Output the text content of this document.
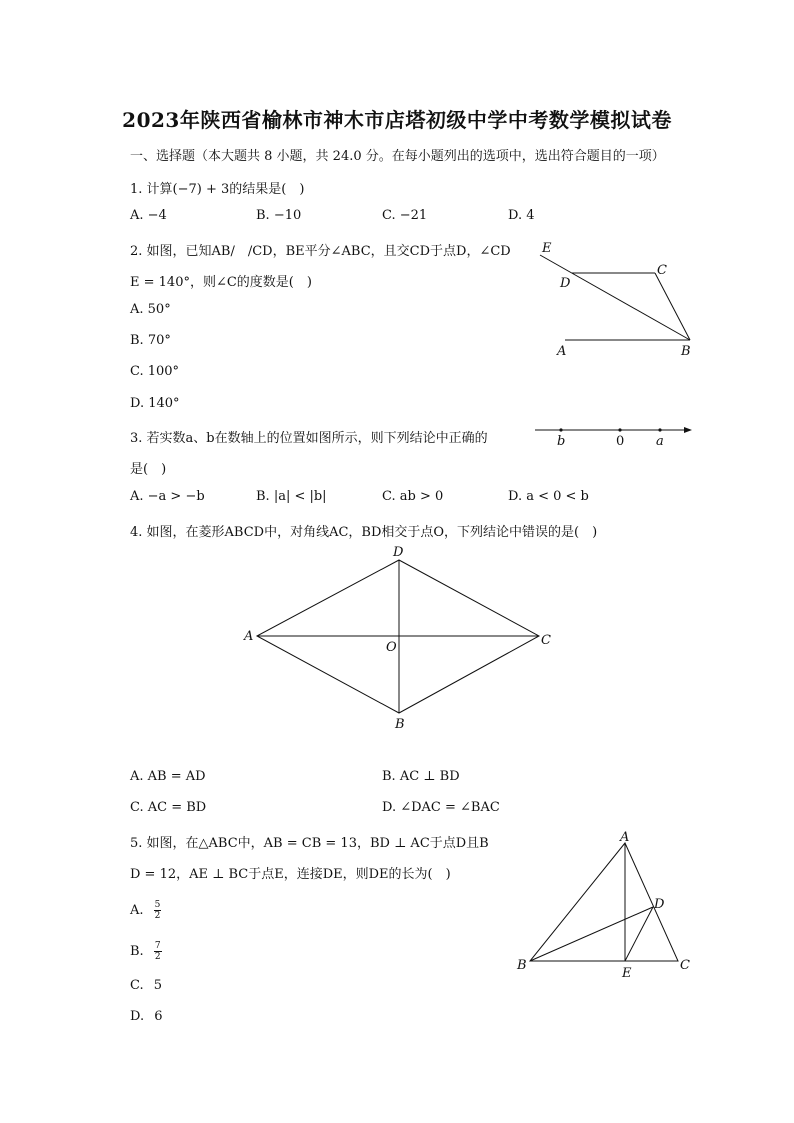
2023年陕西省榆林市神木市店塔初级中学中考数学模拟试卷
一、选择题（本大题共 8 小题，共 24.0 分。在每小题列出的选项中，选出符合题目的一项）
1. 计算(−7) + 3的结果是(　)
A. −4	B. −10	C. −21	D. 4
2. 如图，已知AB/　/CD，BE平分∠ABC，且交CD于点D，∠CD
E = 140°，则∠C的度数是(　)
A. 50°
B. 70°
C. 100°
D. 140°
E
D
C
A	B
3. 若实数a、b在数轴上的位置如图所示，则下列结论中正确的
是(　)
b	0 a
A. −a > −b	B. |a| < |b|	C. ab > 0	D. a < 0 < b
4. 如图，在菱形ABCD中，对角线AC，BD相交于点O，下列结论中错误的是(　)
D
A
O	C
B
A. AB = AD	B. AC ⊥ BD
C. AC = BD	D. ∠DAC = ∠BAC
5. 如图，在△ABC中，AB = CB = 13，BD ⊥ AC于点D且B
D = 12，AE ⊥ BC于点E，连接DE，则DE的长为(　)
A. $\frac{5}{2}$
B. $\frac{7}{2}$
C. 5
D. 6
A
D
B
E
C
